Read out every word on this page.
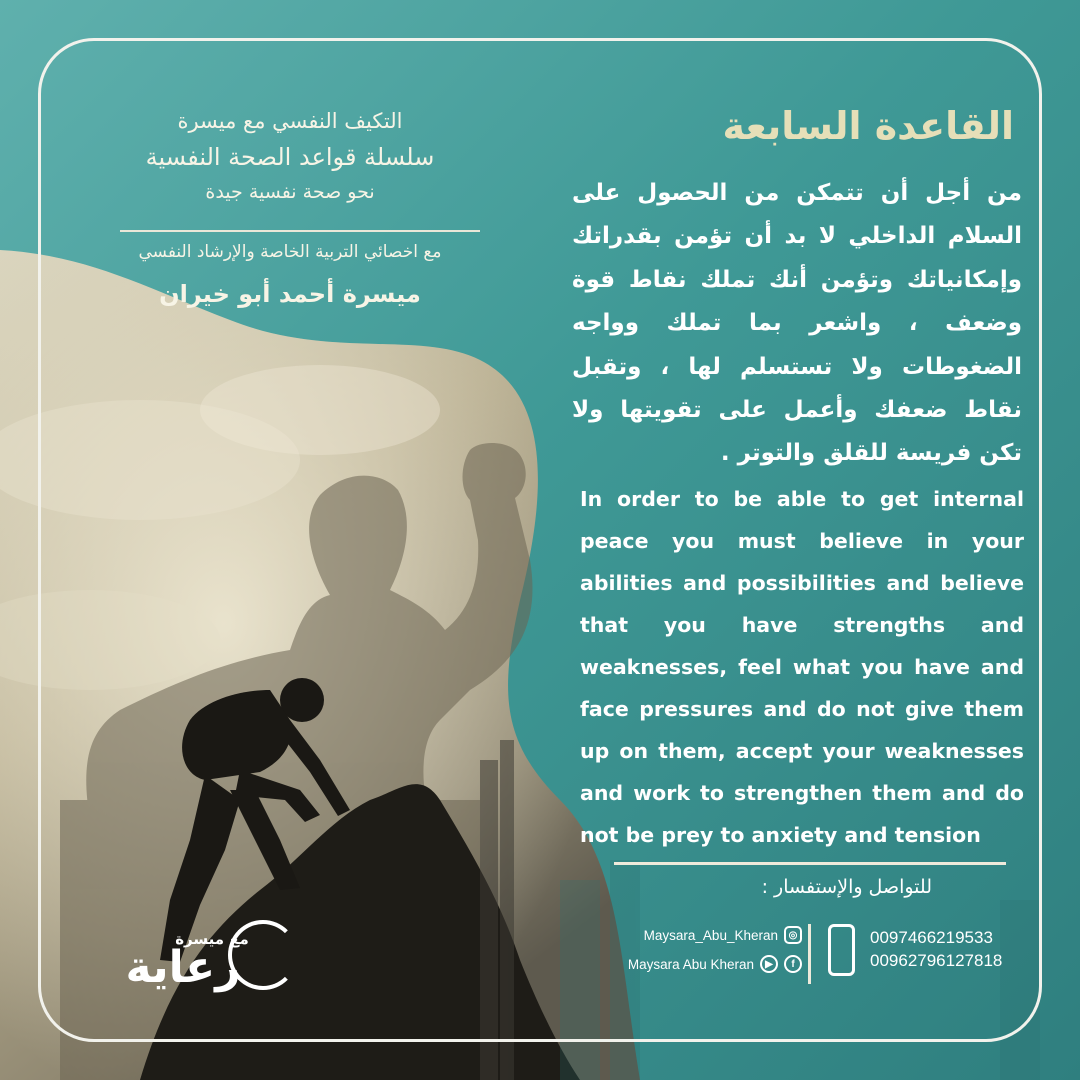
التكيف النفسي مع ميسرة
سلسلة قواعد الصحة النفسية
نحو صحة نفسية جيدة
مع اخصائي التربية الخاصة والإرشاد النفسي
ميسرة أحمد أبو خيران
القاعدة السابعة

من أجل أن تتمكن من الحصول على السلام الداخلي لا بد أن تؤمن بقدراتك وإمكانياتك وتؤمن أنك تملك نقاط قوة وضعف ، واشعر بما تملك وواجه الضغوطات ولا تستسلم لها ، وتقبل نقاط ضعفك وأعمل على تقويتها ولا تكن فريسة للقلق والتوتر .

In order to be able to get internal peace you must believe in your abilities and possibilities and believe that you have strengths and weaknesses, feel what you have and face pressures and do not give them up on them, accept your weaknesses and work to strengthen them and do not be prey to anxiety and tension

للتواصل والإستفسار :
Maysara_Abu_Kheran	◎
Maysara Abu Kheran	▶	f
0097466219533
00962796127818
مع ميسرة
رعاية
